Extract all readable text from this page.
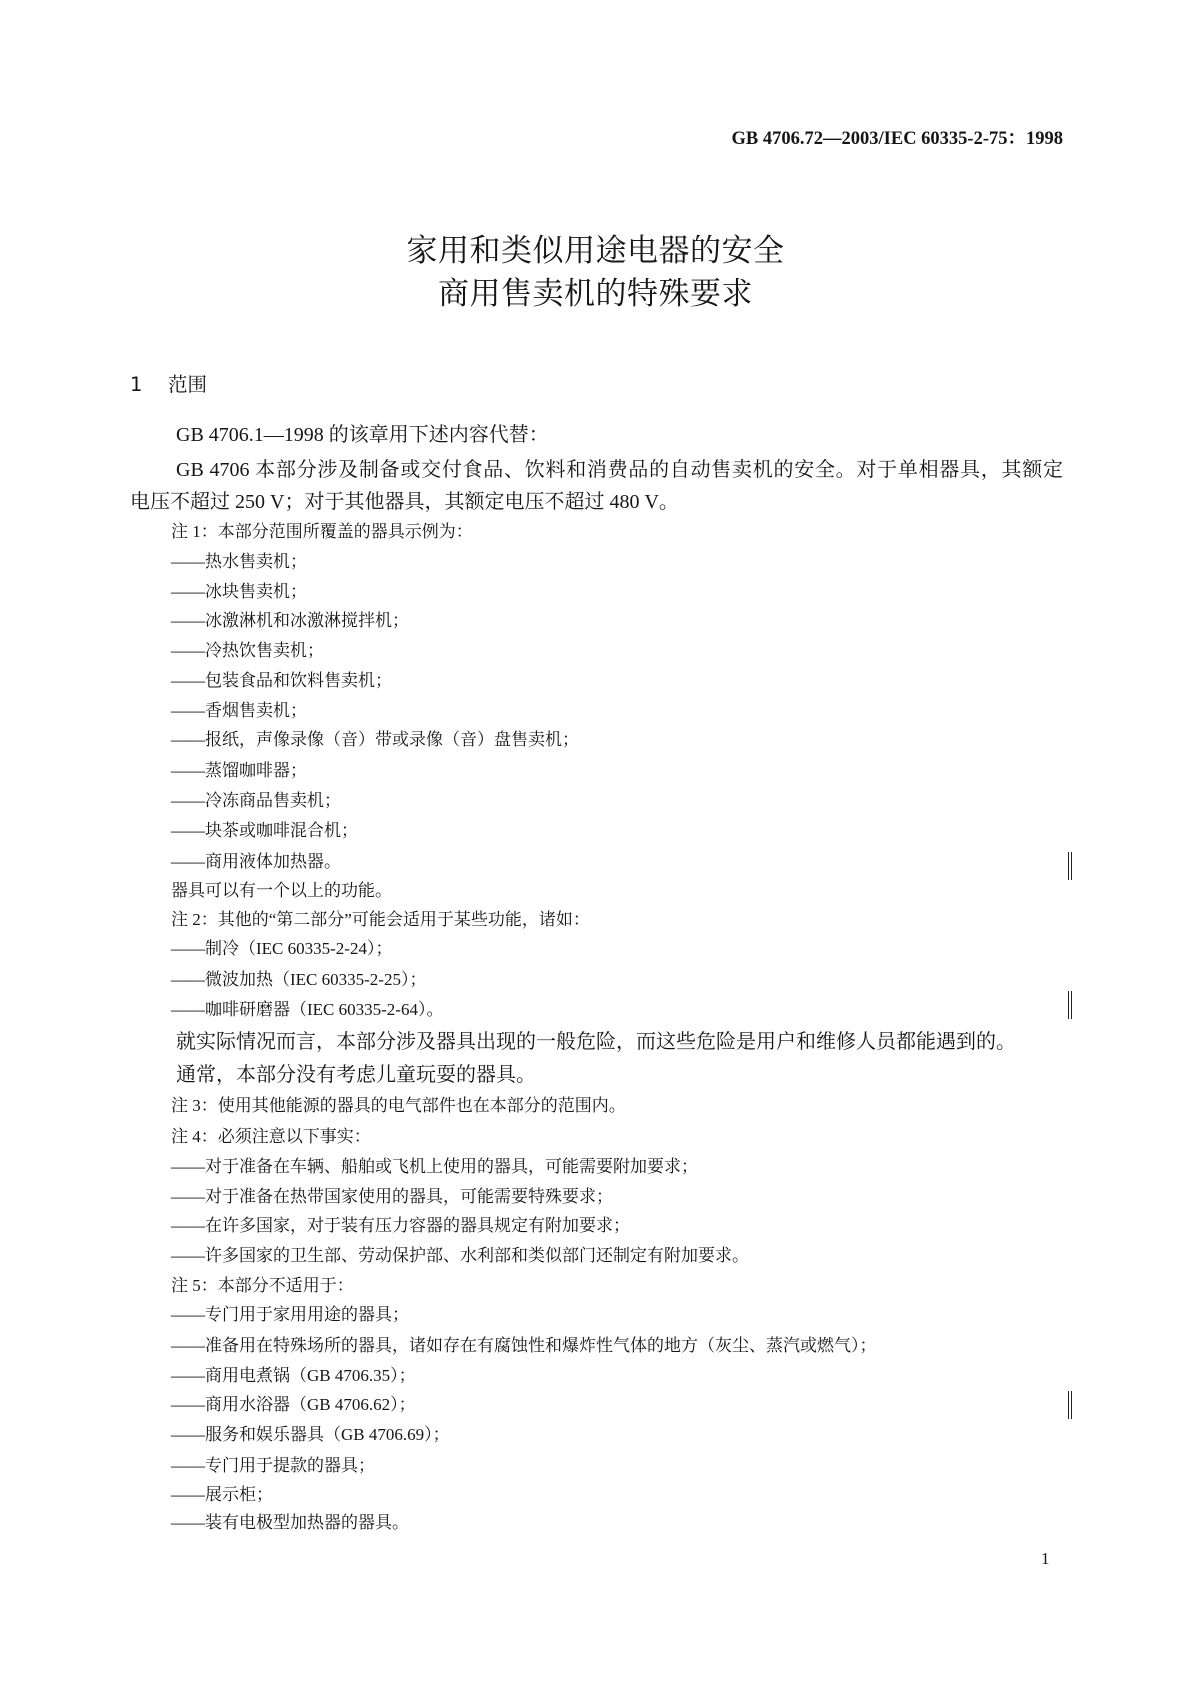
GB 4706.72—2003/IEC 60335-2-75：1998
家用和类似用途电器的安全
商用售卖机的特殊要求
1 范围
GB 4706.1—1998 的该章用下述内容代替：
GB 4706 本部分涉及制备或交付食品、饮料和消费品的自动售卖机的安全。对于单相器具，其额定
电压不超过 250 V；对于其他器具，其额定电压不超过 480 V。
注 1：本部分范围所覆盖的器具示例为：
——热水售卖机；
——冰块售卖机；
——冰激淋机和冰激淋搅拌机；
——冷热饮售卖机；
——包装食品和饮料售卖机；
——香烟售卖机；
——报纸，声像录像（音）带或录像（音）盘售卖机；
——蒸馏咖啡器；
——冷冻商品售卖机；
——块茶或咖啡混合机；
——商用液体加热器。
器具可以有一个以上的功能。
注 2：其他的“第二部分”可能会适用于某些功能，诸如：
——制冷（IEC 60335-2-24）；
——微波加热（IEC 60335-2-25）；
——咖啡研磨器（IEC 60335-2-64）。
就实际情况而言，本部分涉及器具出现的一般危险，而这些危险是用户和维修人员都能遇到的。
通常，本部分没有考虑儿童玩耍的器具。
注 3：使用其他能源的器具的电气部件也在本部分的范围内。
注 4：必须注意以下事实：
——对于准备在车辆、船舶或飞机上使用的器具，可能需要附加要求；
——对于准备在热带国家使用的器具，可能需要特殊要求；
——在许多国家，对于装有压力容器的器具规定有附加要求；
——许多国家的卫生部、劳动保护部、水利部和类似部门还制定有附加要求。
注 5：本部分不适用于：
——专门用于家用用途的器具；
——准备用在特殊场所的器具，诸如存在有腐蚀性和爆炸性气体的地方（灰尘、蒸汽或燃气）；
——商用电煮锅（GB 4706.35）；
——商用水浴器（GB 4706.62）；
——服务和娱乐器具（GB 4706.69）；
——专门用于提款的器具；
——展示柜；
——装有电极型加热器的器具。
1
